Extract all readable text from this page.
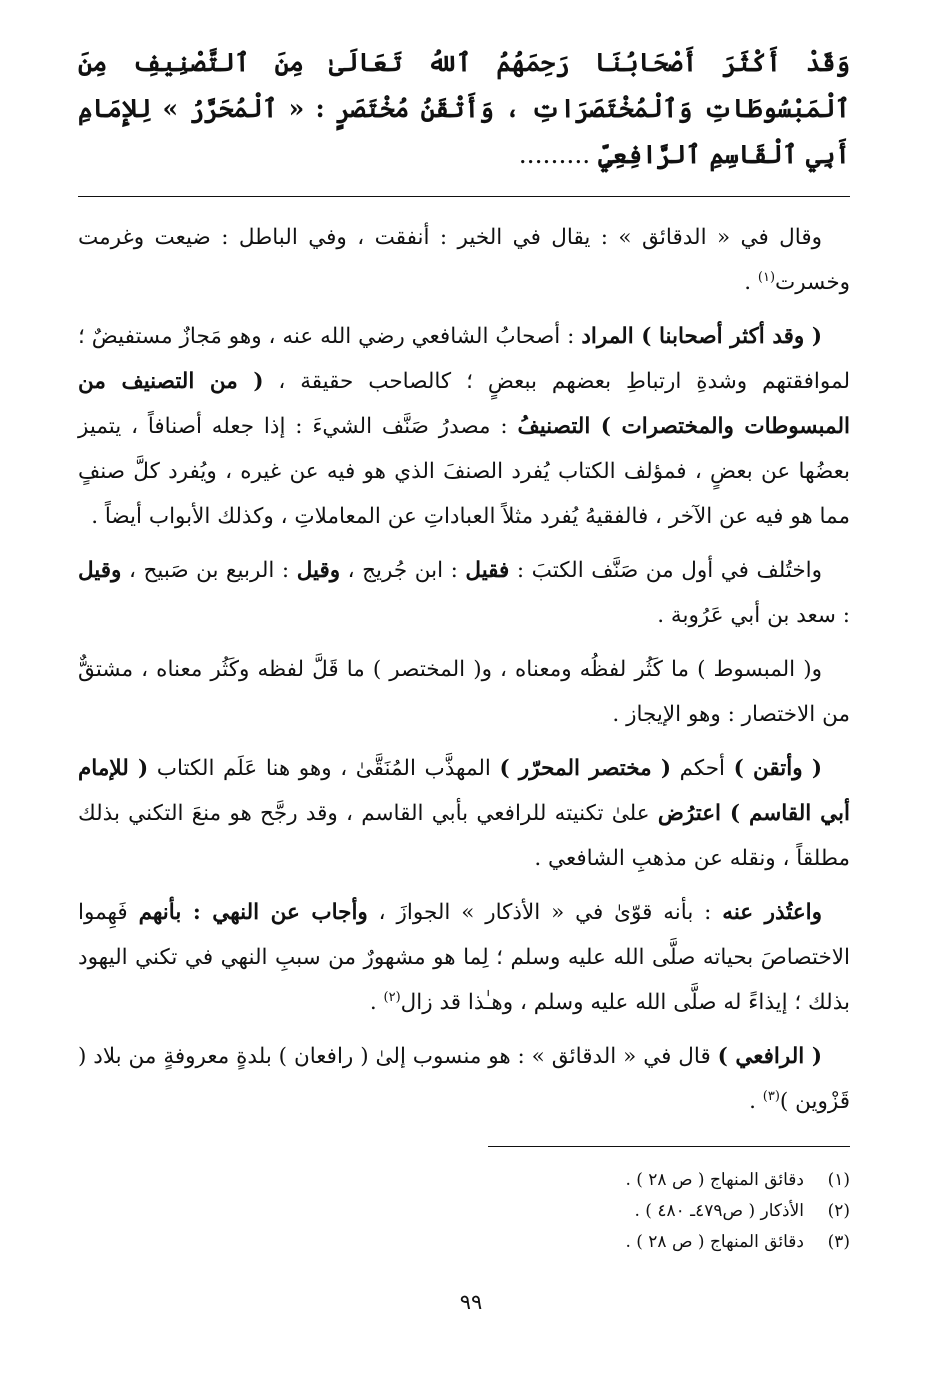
وَقَدْ أَكْثَرَ أَصْحَابُنَا رَحِمَهُمُ ٱللهُ تَعَالَىٰ مِنَ ٱلتَّصْنِيفِ مِنَ ٱلْمَبْسُوطَاتِ وَٱلْمُخْتَصَرَاتِ ، وَأَتْقَنُ مُخْتَصَرٍ : « ٱلْمُحَرَّرُ » لِلإِمَامِ أَبِي ٱلْقَاسِمِ ٱلرَّافِعِيِّ .........

وقال في « الدقائق » : يقال في الخير : أنفقت ، وفي الباطل : ضيعت وغرمت وخسرت$^{(١)}$ .

( وقد أكثر أصحابنا ) المراد : أصحابُ الشافعي رضي الله عنه ، وهو مَجازٌ مستفيضٌ ؛ لموافقتهم وشدةِ ارتباطِ بعضهم ببعضٍ ؛ كالصاحب حقيقة ، ( من التصنيف من المبسوطات والمختصرات ) التصنيفُ : مصدرُ صَنَّف الشيءَ : إذا جعله أصنافاً ، يتميز بعضُها عن بعضٍ ، فمؤلف الكتاب يُفرد الصنفَ الذي هو فيه عن غيره ، ويُفرد كلَّ صنفٍ مما هو فيه عن الآخر ، فالفقيهُ يُفرد مثلاً العباداتِ عن المعاملاتِ ، وكذلك الأبواب أيضاً .

واختُلف في أول من صَنَّف الكتبَ : فقيل : ابن جُريج ، وقيل : الربيع بن صَبيح ، وقيل : سعد بن أبي عَرُوبة .

و( المبسوط ) ما كَثُر لفظُه ومعناه ، و( المختصر ) ما قَلَّ لفظه وكَثُر معناه ، مشتقٌّ من الاختصار : وهو الإيجاز .

( وأتقن ) أحكم ( مختصر المحرّر ) المهذَّب المُنَقَّىٰ ، وهو هنا عَلَم الكتاب ( للإمام أبي القاسم ) اعترُض علىٰ تكنيته للرافعي بأبي القاسم ، وقد رجَّح هو منعَ التكني بذلك مطلقاً ، ونقله عن مذهبِ الشافعي .

واعتُذر عنه : بأنه قوّىٰ في « الأذكار » الجوازَ ، وأجاب عن النهي : بأنهم فَهِموا الاختصاصَ بحياته صلَّى الله عليه وسلم ؛ لِما هو مشهورٌ من سببِ النهي في تكني اليهود بذلك ؛ إيذاءً له صلَّى الله عليه وسلم ، وهـٰذا قد زال$^{(٢)}$ .

( الرافعي ) قال في « الدقائق » : هو منسوب إلىٰ ( رافعان ) بلدةٍ معروفةٍ من بلاد ( قَزْوين )$^{(٣)}$ .

(١)
دقائق المنهاج ( ص ٢٨ ) .
(٢)
الأذكار ( ص٤٧٩ـ ٤٨٠ ) .
(٣)
دقائق المنهاج ( ص ٢٨ ) .
٩٩
